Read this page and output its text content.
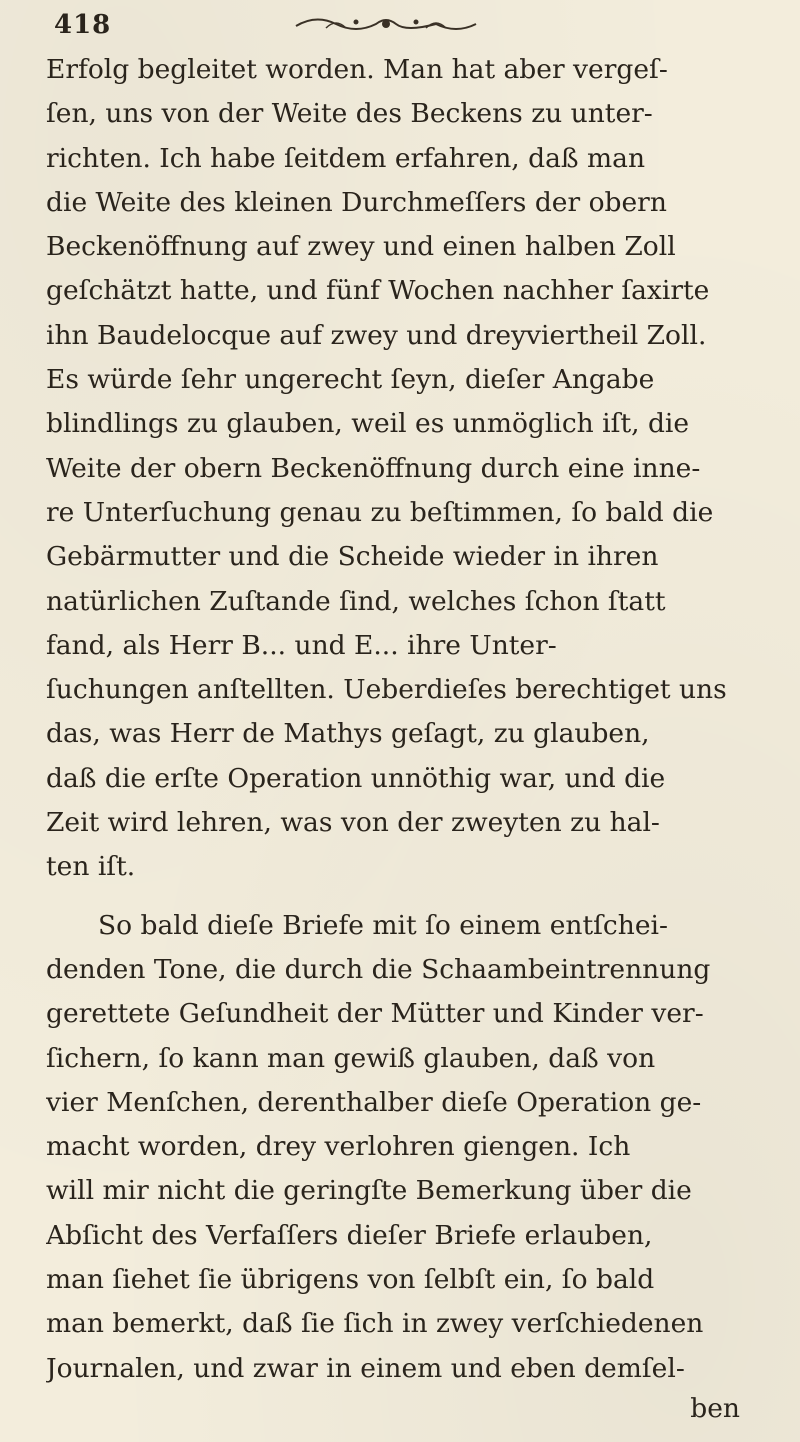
418
Erfolg begleitet worden. Man hat aber vergeſ-
ſen, uns von der Weite des Beckens zu unter-
richten. Ich habe ſeitdem erfahren, daß man
die Weite des kleinen Durchmeſſers der obern
Beckenöffnung auf zwey und einen halben Zoll
geſchätzt hatte, und fünf Wochen nachher ſaxirte
ihn Baudelocque auf zwey und dreyviertheil Zoll.
Es würde ſehr ungerecht ſeyn, dieſer Angabe
blindlings zu glauben, weil es unmöglich iſt, die
Weite der obern Beckenöffnung durch eine inne-
re Unterſuchung genau zu beſtimmen, ſo bald die
Gebärmutter und die Scheide wieder in ihren
natürlichen Zuſtande ſind, welches ſchon ſtatt
fand, als Herr B... und E... ihre Unter-
ſuchungen anſtellten. Ueberdieſes berechtiget uns
das, was Herr de Mathys geſagt, zu glauben,
daß die erſte Operation unnöthig war, und die
Zeit wird lehren, was von der zweyten zu hal-
ten iſt.
So bald dieſe Briefe mit ſo einem entſchei-
denden Tone, die durch die Schaambeintrennung
gerettete Geſundheit der Mütter und Kinder ver-
ſichern, ſo kann man gewiß glauben, daß von
vier Menſchen, derenthalber dieſe Operation ge-
macht worden, drey verlohren giengen. Ich
will mir nicht die geringſte Bemerkung über die
Abſicht des Verfaſſers dieſer Briefe erlauben,
man ſiehet ſie übrigens von ſelbſt ein, ſo bald
man bemerkt, daß ſie ſich in zwey verſchiedenen
Journalen, und zwar in einem und eben demſel-
ben
